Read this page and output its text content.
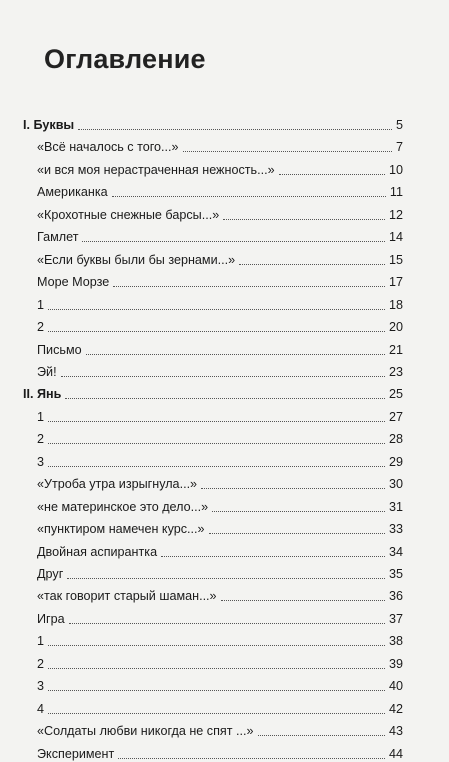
Оглавление
I. Буквы	5
«Всё началось с того...»	7
«и вся моя нерастраченная нежность...»	10
Американка	11
«Крохотные снежные барсы...»	12
Гамлет	14
«Если буквы были бы зернами...»	15
Море Морзе	17
1	18
2	20
Письмо	21
Эй!	23
II. Янь	25
1	27
2	28
3	29
«Утроба утра изрыгнула...»	30
«не материнское это дело...»	31
«пунктиром намечен курс...»	33
Двойная аспирантка	34
Друг	35
«так говорит старый шаман...»	36
Игра	37
1	38
2	39
3	40
4	42
«Солдаты любви никогда не спят ...»	43
Эксперимент	44
